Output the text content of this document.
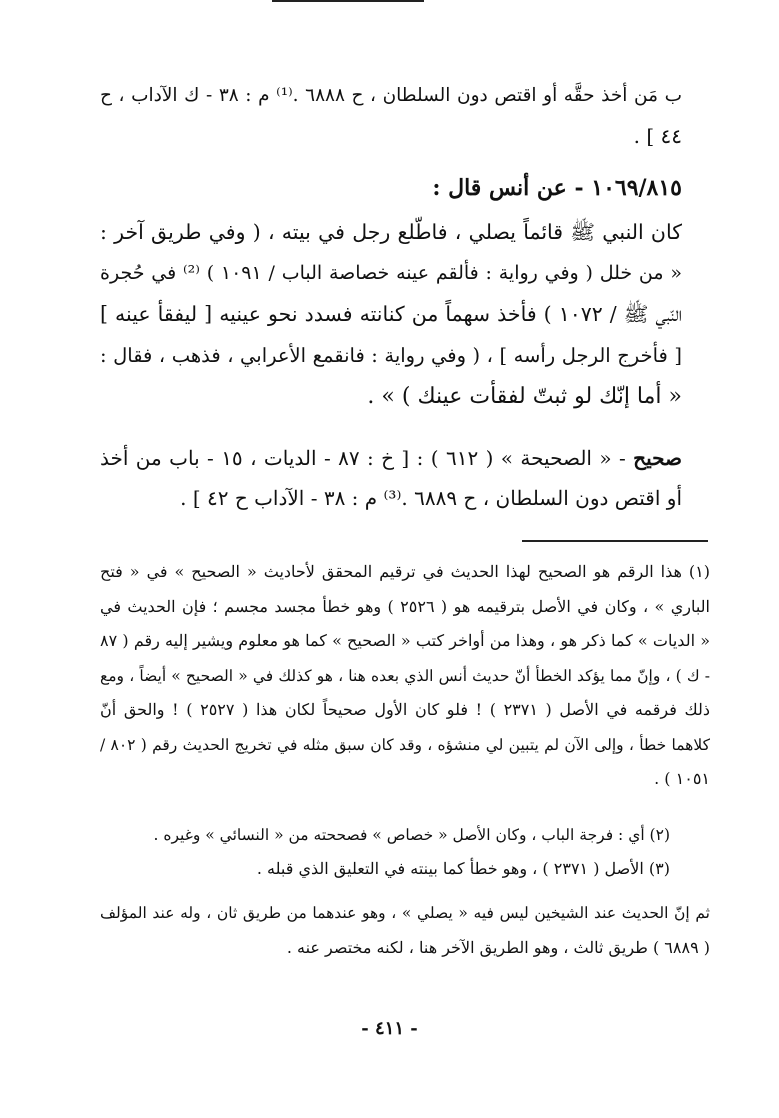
ب مَن أخذ حقَّه أو اقتص دون السلطان ، ح ٦٨٨٨ .⁽¹⁾ م : ٣٨ - ك الآداب ، ح
٤٤ ] .
١٠٦٩/٨١٥ - عن أنس قال :
كان النبي ﷺ قائماً يصلي ، فاطّلع رجل في بيته ، ( وفي طريق آخر :
« من خلل ( وفي رواية : فألقم عينه خصاصة الباب / ١٠٩١ ) ⁽²⁾ في حُجرة
النّبي ﷺ / ١٠٧٢ ) فأخذ سهماً من كنانته فسدد نحو عينيه [ ليفقأ عينه ]
[ فأخرج الرجل رأسه ] ، ( وفي رواية : فانقمع الأعرابي ، فذهب ، فقال :
« أما إنّك لو ثبتّ لفقأت عينك ) » .
صحيح - « الصحيحة » ( ٦١٢ ) : [ خ : ٨٧ - الديات ، ١٥ - باب من أخذ
أو اقتص دون السلطان ، ح ٦٨٨٩ .⁽³⁾ م : ٣٨ - الآداب ح ٤٢ ] .
(١) هذا الرقم هو الصحيح لهذا الحديث في ترقيم المحقق لأحاديث « الصحيح » في « فتح
الباري » ، وكان في الأصل بترقيمه هو ( ٢٥٢٦ ) وهو خطأ مجسد مجسم ؛ فإن الحديث في
« الديات » كما ذكر هو ، وهذا من أواخر كتب « الصحيح » كما هو معلوم ويشير إليه رقم ( ٨٧
- ك ) ، وإنّ مما يؤكد الخطأ أنّ حديث أنس الذي بعده هنا ، هو كذلك في « الصحيح » أيضاً ، ومع
ذلك فرقمه في الأصل ( ٢٣٧١ ) ! فلو كان الأول صحيحاً لكان هذا ( ٢٥٢٧ ) ! والحق أنّ
كلاهما خطأ ، وإلى الآن لم يتبين لي منشؤه ، وقد كان سبق مثله في تخريج الحديث رقم ( ٨٠٢ /
١٠٥١ ) .
(٢) أي : فرجة الباب ، وكان الأصل « خصاص » فصححته من « النسائي » وغيره .
(٣) الأصل ( ٢٣٧١ ) ، وهو خطأ كما بينته في التعليق الذي قبله .
ثم إنّ الحديث عند الشيخين ليس فيه « يصلي » ، وهو عندهما من طريق ثان ، وله عند المؤلف
( ٦٨٨٩ ) طريق ثالث ، وهو الطريق الآخر هنا ، لكنه مختصر عنه .
- ٤١١ -
